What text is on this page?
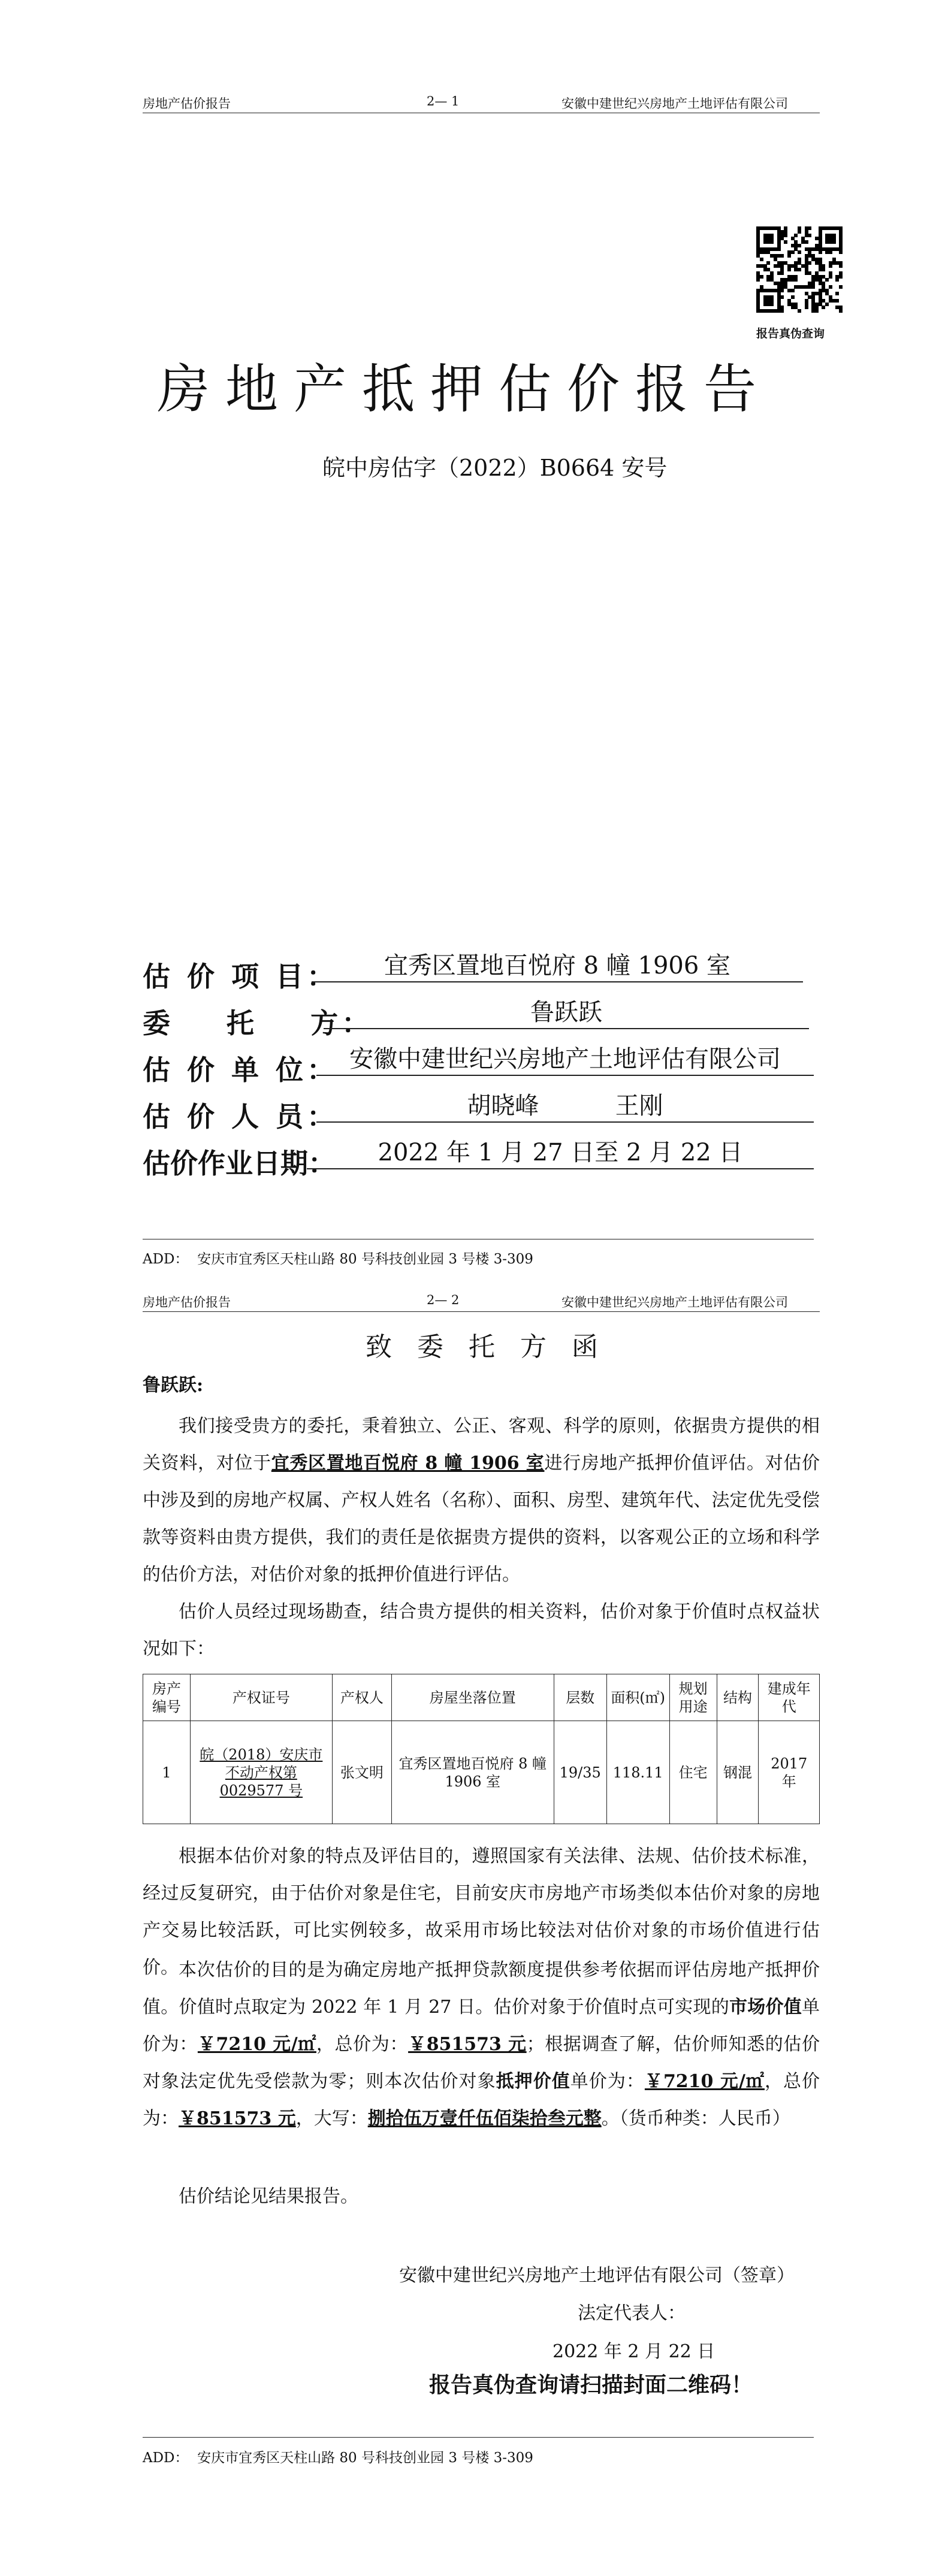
房地产估价报告	2— 1	安徽中建世纪兴房地产土地评估有限公司
报告真伪查询
房地产抵押估价报告
皖中房估字（2022）B0664 安号
估 价 项 目：	宜秀区置地百悦府 8 幢 1906 室
委    托    方：	鲁跃跃
估 价 单 位： 安徽中建世纪兴房地产土地评估有限公司
估 价 人 员：	胡晓峰          王刚
估价作业日期：	2022 年 1 月 27 日至 2 月 22 日
ADD：  安庆市宜秀区天柱山路 80 号科技创业园 3 号楼 3-309
房地产估价报告	2— 2	安徽中建世纪兴房地产土地评估有限公司
致委托方函
鲁跃跃:
我们接受贵方的委托，秉着独立、公正、客观、科学的原则，依据贵方提供的相关资料，对位于宜秀区置地百悦府 8 幢 1906 室进行房地产抵押价值评估。对估价中涉及到的房地产权属、产权人姓名（名称）、面积、房型、建筑年代、法定优先受偿款等资料由贵方提供，我们的责任是依据贵方提供的资料，以客观公正的立场和科学的估价方法，对估价对象的抵押价值进行评估。
估价人员经过现场勘查，结合贵方提供的相关资料，估价对象于价值时点权益状况如下：
房产编号	产权证号	产权人	房屋坐落位置	层数	面积(㎡)	规划用途	结构	建成年代
1	皖（2018）安庆市不动产权第 0029577 号	张文明	宜秀区置地百悦府 8 幢 1906 室	19/35	118.11	住宅	钢混	2017 年
根据本估价对象的特点及评估目的，遵照国家有关法律、法规、估价技术标准，经过反复研究，由于估价对象是住宅，目前安庆市房地产市场类似本估价对象的房地产交易比较活跃，可比实例较多，故采用市场比较法对估价对象的市场价值进行估价。 本次估价的目的是为确定房地产抵押贷款额度提供参考依据而评估房地产抵押价值。价值时点取定为 2022 年 1 月 27 日。估价对象于价值时点可实现的市场价值单价为：￥7210 元/㎡，总价为：￥851573 元；根据调查了解，估价师知悉的估价对象法定优先受偿款为零；则本次估价对象抵押价值单价为：￥7210 元/㎡，总价为：￥851573 元，大写：捌拾伍万壹仟伍佰柒拾叁元整。（货币种类：人民币）
估价结论见结果报告。
安徽中建世纪兴房地产土地评估有限公司（签章）
法定代表人：
2022 年 2 月 22 日
报告真伪查询请扫描封面二维码！
ADD：  安庆市宜秀区天柱山路 80 号科技创业园 3 号楼 3-309
